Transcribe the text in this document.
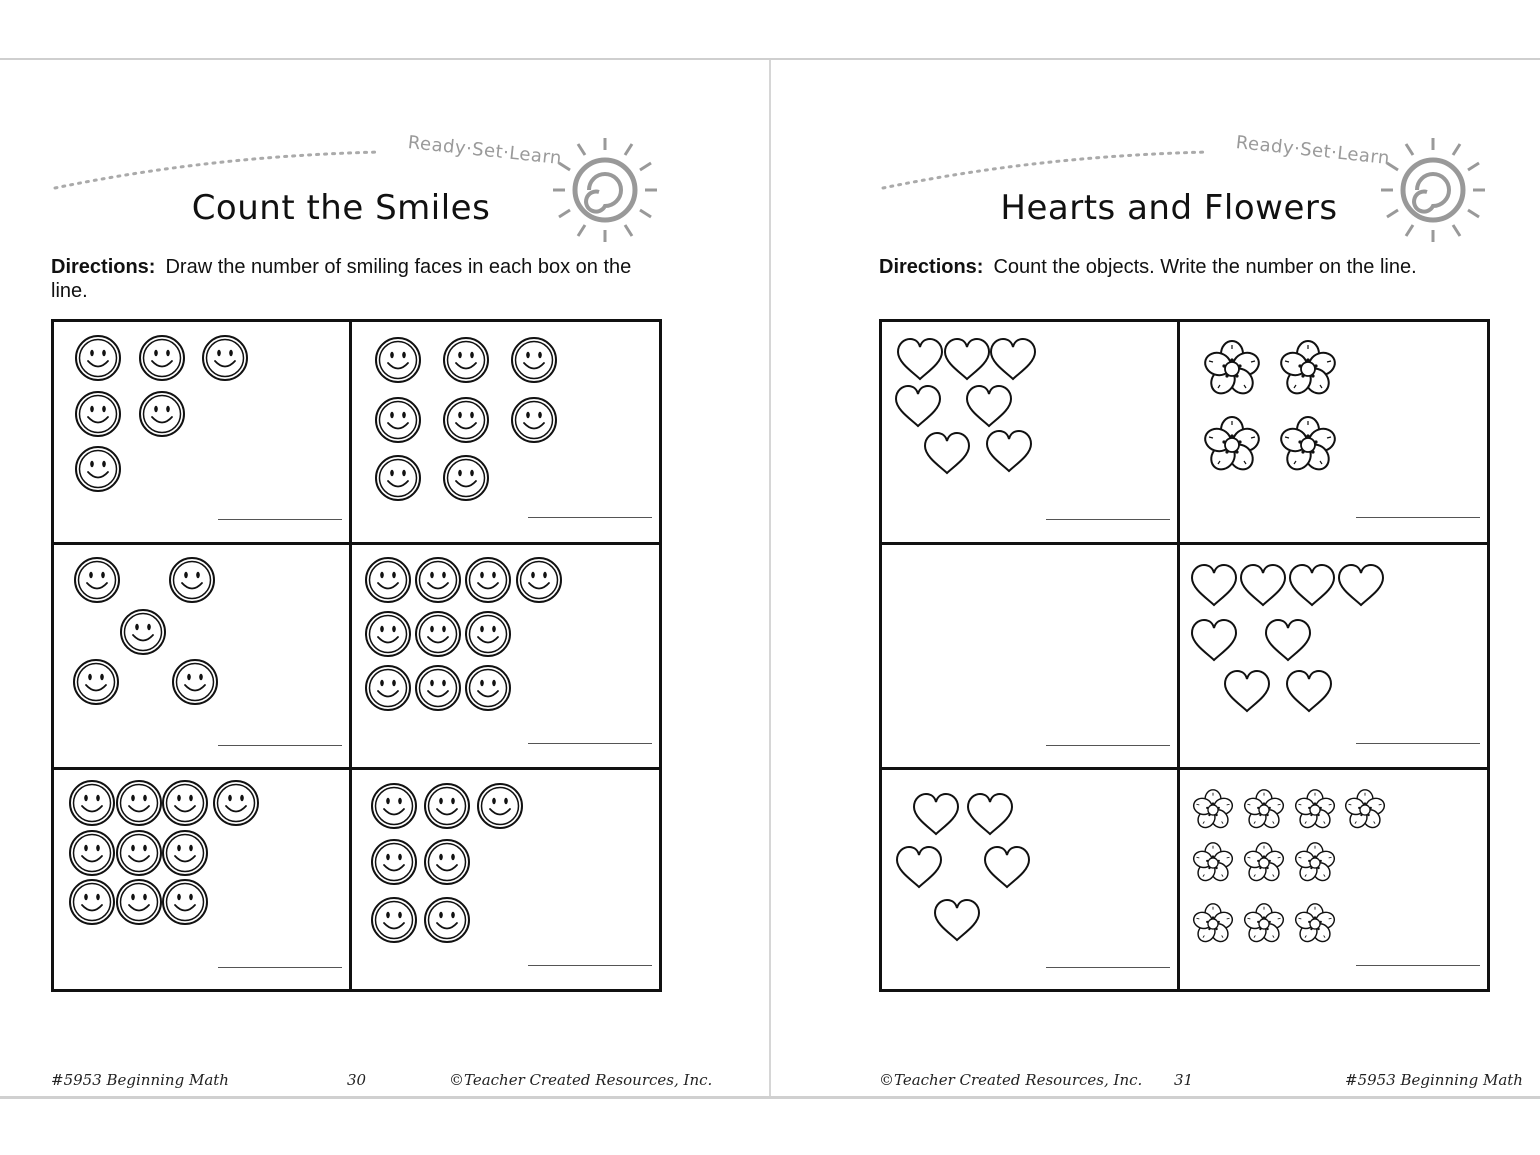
Ready·Set·Learn
Count the Smiles
Directions: Draw the number of smiling faces in each box on the line.
#5953 Beginning Math	30	©Teacher Created Resources, Inc.
Ready·Set·Learn
Hearts and Flowers
Directions: Count the objects. Write the number on the line.
©Teacher Created Resources, Inc. 31	#5953 Beginning Math
